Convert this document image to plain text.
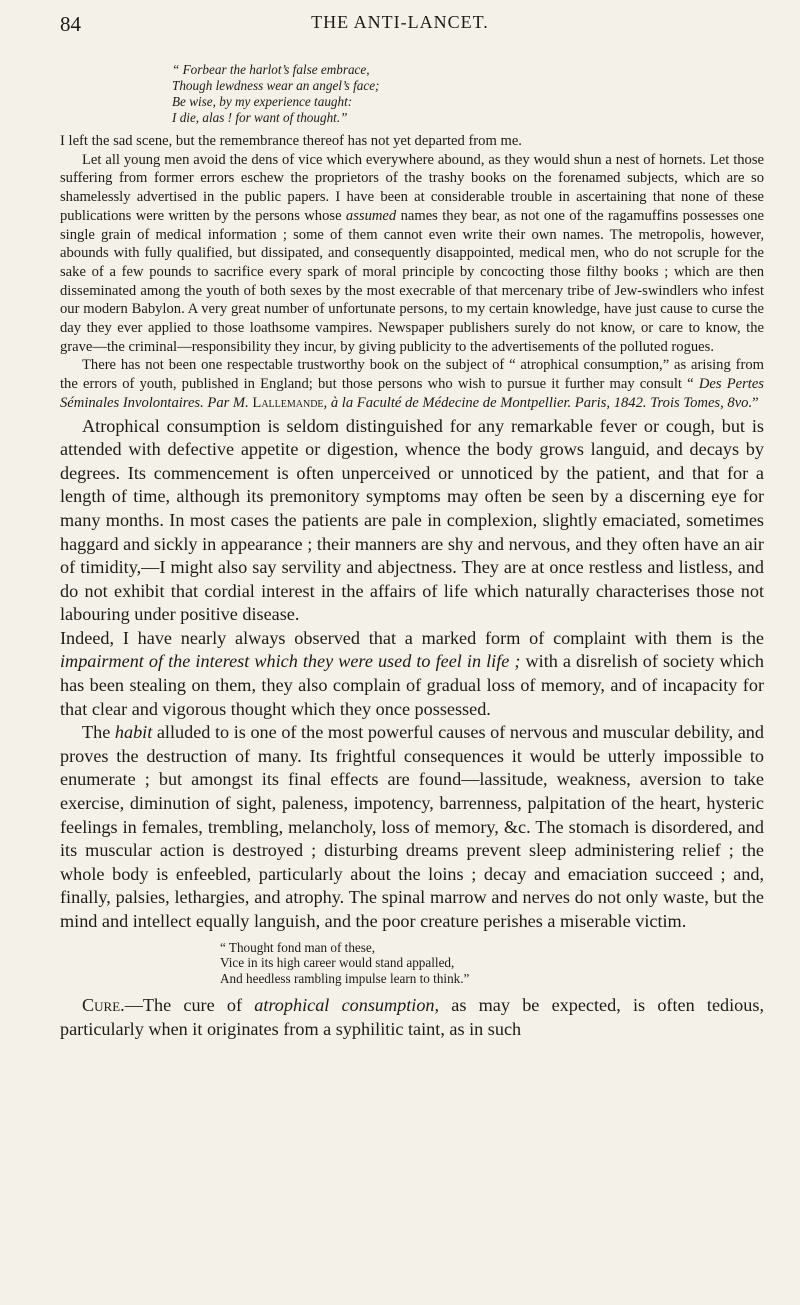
84	THE ANTI-LANCET.
“ Forbear the harlot’s false embrace,
Though lewdness wear an angel’s face;
Be wise, by my experience taught:
I die, alas ! for want of thought.”

I left the sad scene, but the remembrance thereof has not yet departed from me.

Let all young men avoid the dens of vice which everywhere abound, as they would shun a nest of hornets. Let those suffering from former errors eschew the proprietors of the trashy books on the forenamed subjects, which are so shamelessly advertised in the public papers. I have been at considerable trouble in ascertaining that none of these publications were written by the persons whose assumed names they bear, as not one of the ragamuffins possesses one single grain of medical information ; some of them cannot even write their own names. The metropolis, however, abounds with fully qualified, but dissipated, and consequently disappointed, medical men, who do not scruple for the sake of a few pounds to sacrifice every spark of moral principle by concocting those filthy books ; which are then disseminated among the youth of both sexes by the most execrable of that mercenary tribe of Jew-swindlers who infest our modern Babylon. A very great number of unfortunate persons, to my certain knowledge, have just cause to curse the day they ever applied to those loathsome vampires. Newspaper publishers surely do not know, or care to know, the grave—the criminal—responsibility they incur, by giving publicity to the advertisements of the polluted rogues.

There has not been one respectable trustworthy book on the subject of “ atrophical consumption,” as arising from the errors of youth, published in England; but those persons who wish to pursue it further may consult “ Des Pertes Séminales Involontaires. Par M. Lallemande, à la Faculté de Médecine de Montpellier. Paris, 1842. Trois Tomes, 8vo.”

Atrophical consumption is seldom distinguished for any remarkable fever or cough, but is attended with defective appetite or digestion, whence the body grows languid, and decays by degrees. Its commencement is often unperceived or unnoticed by the patient, and that for a length of time, although its premonitory symptoms may often be seen by a discerning eye for many months. In most cases the patients are pale in complexion, slightly emaciated, sometimes haggard and sickly in appearance ; their manners are shy and nervous, and they often have an air of timidity,—I might also say servility and abjectness. They are at once restless and listless, and do not exhibit that cordial interest in the affairs of life which naturally characterises those not labouring under positive disease.

Indeed, I have nearly always observed that a marked form of complaint with them is the impairment of the interest which they were used to feel in life ; with a disrelish of society which has been stealing on them, they also complain of gradual loss of memory, and of incapacity for that clear and vigorous thought which they once possessed.

The habit alluded to is one of the most powerful causes of nervous and muscular debility, and proves the destruction of many. Its frightful consequences it would be utterly impossible to enumerate ; but amongst its final effects are found—lassitude, weakness, aversion to take exercise, diminution of sight, paleness, impotency, barrenness, palpitation of the heart, hysteric feelings in females, trembling, melancholy, loss of memory, &c. The stomach is disordered, and its muscular action is destroyed ; disturbing dreams prevent sleep administering relief ; the whole body is enfeebled, particularly about the loins ; decay and emaciation succeed ; and, finally, palsies, lethargies, and atrophy. The spinal marrow and nerves do not only waste, but the mind and intellect equally languish, and the poor creature perishes a miserable victim.

“ Thought fond man of these,
Vice in its high career would stand appalled,
And heedless rambling impulse learn to think.”

Cure.—The cure of atrophical consumption, as may be expected, is often tedious, particularly when it originates from a syphilitic taint, as in such
